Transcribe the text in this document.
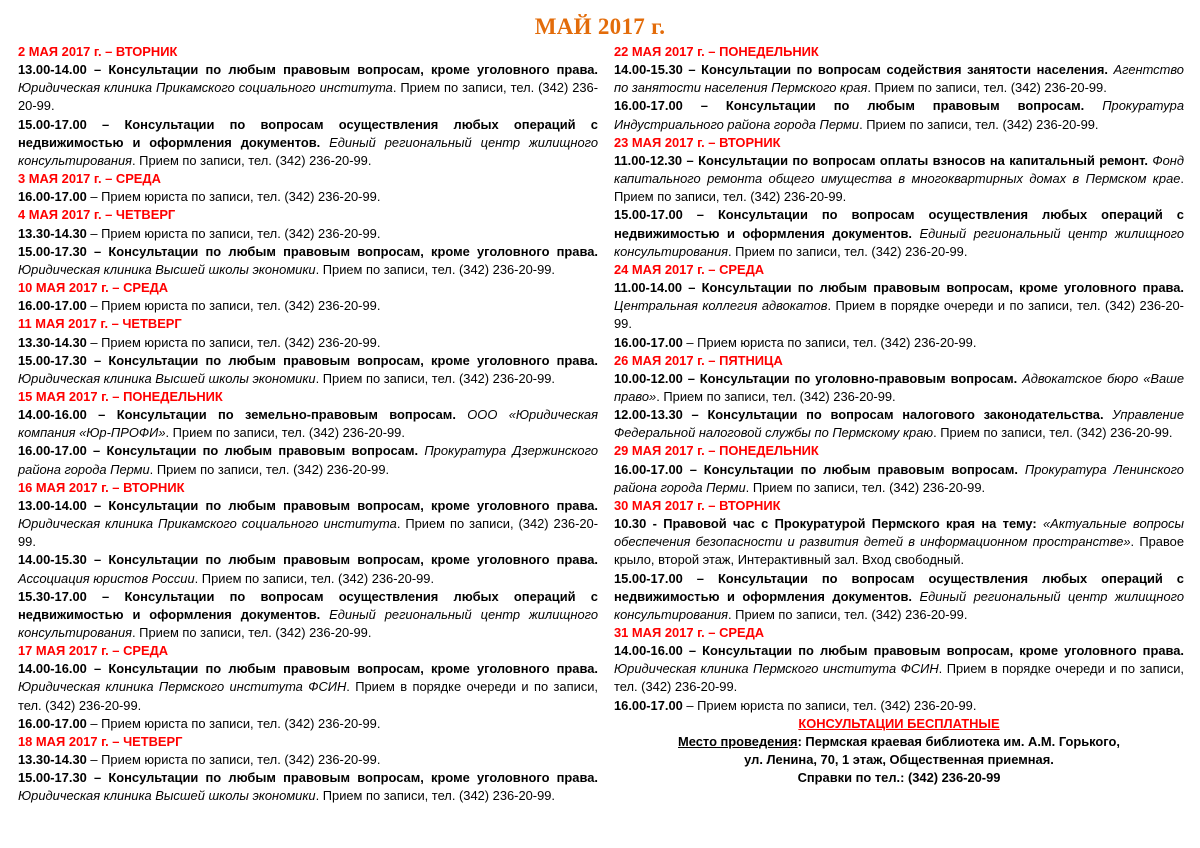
МАЙ 2017 г.
2 МАЯ 2017 г. – ВТОРНИК
13.00-14.00 – Консультации по любым правовым вопросам, кроме уголовного права. Юридическая клиника Прикамского социального института. Прием по записи, тел. (342) 236-20-99.
15.00-17.00 – Консультации по вопросам осуществления любых операций с недвижимостью и оформления документов. Единый региональный центр жилищного консультирования. Прием по записи, тел. (342) 236-20-99.
3 МАЯ 2017 г. – СРЕДА
16.00-17.00 – Прием юриста по записи, тел. (342) 236-20-99.
4 МАЯ 2017 г. – ЧЕТВЕРГ
13.30-14.30 – Прием юриста по записи, тел. (342) 236-20-99.
15.00-17.30 – Консультации по любым правовым вопросам, кроме уголовного права. Юридическая клиника Высшей школы экономики. Прием по записи, тел. (342) 236-20-99.
10 МАЯ 2017 г. – СРЕДА
16.00-17.00 – Прием юриста по записи, тел. (342) 236-20-99.
11 МАЯ 2017 г. – ЧЕТВЕРГ
13.30-14.30 – Прием юриста по записи, тел. (342) 236-20-99.
15.00-17.30 – Консультации по любым правовым вопросам, кроме уголовного права. Юридическая клиника Высшей школы экономики. Прием по записи, тел. (342) 236-20-99.
15 МАЯ 2017 г. – ПОНЕДЕЛЬНИК
14.00-16.00 – Консультации по земельно-правовым вопросам. ООО «Юридическая компания «Юр-ПРОФИ». Прием по записи, тел. (342) 236-20-99.
16.00-17.00 – Консультации по любым правовым вопросам. Прокуратура Дзержинского района города Перми. Прием по записи, тел. (342) 236-20-99.
16 МАЯ 2017 г. – ВТОРНИК
13.00-14.00 – Консультации по любым правовым вопросам, кроме уголовного права. Юридическая клиника Прикамского социального института. Прием по записи, (342) 236-20-99.
14.00-15.30 – Консультации по любым правовым вопросам, кроме уголовного права. Ассоциация юристов России. Прием по записи, тел. (342) 236-20-99.
15.30-17.00 – Консультации по вопросам осуществления любых операций с недвижимостью и оформления документов. Единый региональный центр жилищного консультирования. Прием по записи, тел. (342) 236-20-99.
17 МАЯ 2017 г. – СРЕДА
14.00-16.00 – Консультации по любым правовым вопросам, кроме уголовного права. Юридическая клиника Пермского института ФСИН. Прием в порядке очереди и по записи, тел. (342) 236-20-99.
16.00-17.00 – Прием юриста по записи, тел. (342) 236-20-99.
18 МАЯ 2017 г. – ЧЕТВЕРГ
13.30-14.30 – Прием юриста по записи, тел. (342) 236-20-99.
15.00-17.30 – Консультации по любым правовым вопросам, кроме уголовного права. Юридическая клиника Высшей школы экономики. Прием по записи, тел. (342) 236-20-99.
22 МАЯ 2017 г. – ПОНЕДЕЛЬНИК
14.00-15.30 – Консультации по вопросам содействия занятости населения. Агентство по занятости населения Пермского края. Прием по записи, тел. (342) 236-20-99.
16.00-17.00 – Консультации по любым правовым вопросам. Прокуратура Индустриального района города Перми. Прием по записи, тел. (342) 236-20-99.
23 МАЯ 2017 г. – ВТОРНИК
11.00-12.30 – Консультации по вопросам оплаты взносов на капитальный ремонт. Фонд капитального ремонта общего имущества в многоквартирных домах в Пермском крае. Прием по записи, тел. (342) 236-20-99.
15.00-17.00 – Консультации по вопросам осуществления любых операций с недвижимостью и оформления документов. Единый региональный центр жилищного консультирования. Прием по записи, тел. (342) 236-20-99.
24 МАЯ 2017 г. – СРЕДА
11.00-14.00 – Консультации по любым правовым вопросам, кроме уголовного права. Центральная коллегия адвокатов. Прием в порядке очереди и по записи, тел. (342) 236-20-99.
16.00-17.00 – Прием юриста по записи, тел. (342) 236-20-99.
26 МАЯ 2017 г. – ПЯТНИЦА
10.00-12.00 – Консультации по уголовно-правовым вопросам. Адвокатское бюро «Ваше право». Прием по записи, тел. (342) 236-20-99.
12.00-13.30 – Консультации по вопросам налогового законодательства. Управление Федеральной налоговой службы по Пермскому краю. Прием по записи, тел. (342) 236-20-99.
29 МАЯ 2017 г. – ПОНЕДЕЛЬНИК
16.00-17.00 – Консультации по любым правовым вопросам. Прокуратура Ленинского района города Перми. Прием по записи, тел. (342) 236-20-99.
30 МАЯ 2017 г. – ВТОРНИК
10.30 - Правовой час с Прокуратурой Пермского края на тему: «Актуальные вопросы обеспечения безопасности и развития детей в информационном пространстве». Правое крыло, второй этаж, Интерактивный зал. Вход свободный.
15.00-17.00 – Консультации по вопросам осуществления любых операций с недвижимостью и оформления документов. Единый региональный центр жилищного консультирования. Прием по записи, тел. (342) 236-20-99.
31 МАЯ 2017 г. – СРЕДА
14.00-16.00 – Консультации по любым правовым вопросам, кроме уголовного права. Юридическая клиника Пермского института ФСИН. Прием в порядке очереди и по записи, тел. (342) 236-20-99.
16.00-17.00 – Прием юриста по записи, тел. (342) 236-20-99.
КОНСУЛЬТАЦИИ БЕСПЛАТНЫЕ
Место проведения: Пермская краевая библиотека им. А.М. Горького,
ул. Ленина, 70, 1 этаж, Общественная приемная.
Справки по тел.: (342) 236-20-99
